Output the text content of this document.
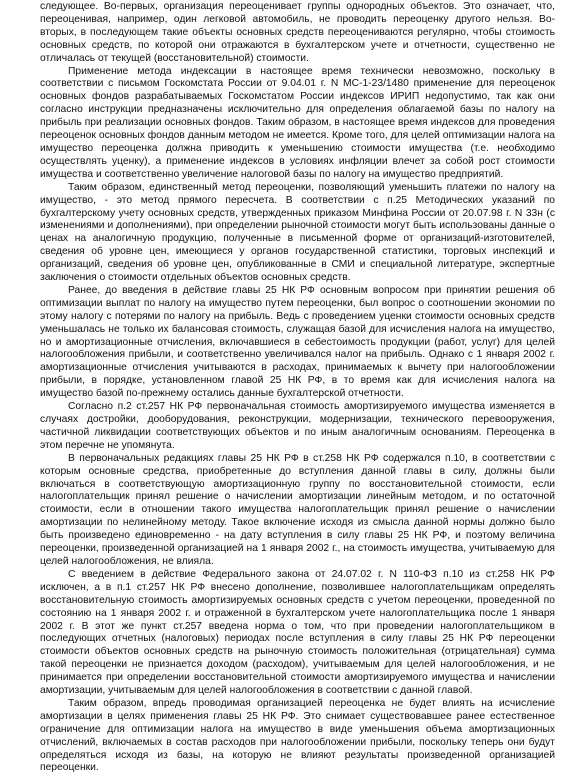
следующее. Во-первых, организация переоценивает группы однородных объектов. Это означает, что, переоценивая, например, один легковой автомобиль, не проводить переоценку другого нельзя. Во-вторых, в последующем такие объекты основных средств переоцениваются регулярно, чтобы стоимость основных средств, по которой они отражаются в бухгалтерском учете и отчетности, существенно не отличалась от текущей (восстановительной) стоимости.

Применение метода индексации в настоящее время технически невозможно, поскольку в соответствии с письмом Госкомстата России от 9.04.01 г. N МС-1-23/1480 применение для переоценок основных фондов разрабатываемых Госкомстатом России индексов ИРИП недопустимо, так как они согласно инструкции предназначены исключительно для определения облагаемой базы по налогу на прибыль при реализации основных фондов. Таким образом, в настоящее время индексов для проведения переоценок основных фондов данным методом не имеется. Кроме того, для целей оптимизации налога на имущество переоценка должна приводить к уменьшению стоимости имущества (т.е. необходимо осуществлять уценку), а применение индексов в условиях инфляции влечет за собой рост стоимости имущества и соответственно увеличение налоговой базы по налогу на имущество предприятий.

Таким образом, единственный метод переоценки, позволяющий уменьшить платежи по налогу на имущество, - это метод прямого пересчета. В соответствии с п.25 Методических указаний по бухгалтерскому учету основных средств, утвержденных приказом Минфина России от 20.07.98 г. N 33н (с изменениями и дополнениями), при определении рыночной стоимости могут быть использованы данные о ценах на аналогичную продукцию, полученные в письменной форме от организаций-изготовителей, сведения об уровне цен, имеющиеся у органов государственной статистики, торговых инспекций и организаций, сведения об уровне цен, опубликованные в СМИ и специальной литературе, экспертные заключения о стоимости отдельных объектов основных средств.

Ранее, до введения в действие главы 25 НК РФ основным вопросом при принятии решения об оптимизации выплат по налогу на имущество путем переоценки, был вопрос о соотношении экономии по этому налогу с потерями по налогу на прибыль. Ведь с проведением уценки стоимости основных средств уменьшалась не только их балансовая стоимость, служащая базой для исчисления налога на имущество, но и амортизационные отчисления, включавшиеся в себестоимость продукции (работ, услуг) для целей налогообложения прибыли, и соответственно увеличивался налог на прибыль. Однако с 1 января 2002 г. амортизационные отчисления учитываются в расходах, принимаемых к вычету при налогообложении прибыли, в порядке, установленном главой 25 НК РФ, в то время как для исчисления налога на имущество базой по-прежнему остались данные бухгалтерской отчетности.

Согласно п.2 ст.257 НК РФ первоначальная стоимость амортизируемого имущества изменяется в случаях достройки, дооборудования, реконструкции, модернизации, технического перевооружения, частичной ликвидации соответствующих объектов и по иным аналогичным основаниям. Переоценка в этом перечне не упомянута.

В первоначальных редакциях главы 25 НК РФ в ст.258 НК РФ содержался п.10, в соответствии с которым основные средства, приобретенные до вступления данной главы в силу, должны были включаться в соответствующую амортизационную группу по восстановительной стоимости, если налогоплательщик принял решение о начислении амортизации линейным методом, и по остаточной стоимости, если в отношении такого имущества налогоплательщик принял решение о начислении амортизации по нелинейному методу. Такое включение исходя из смысла данной нормы должно было быть произведено единовременно - на дату вступления в силу главы 25 НК РФ, и поэтому величина переоценки, произведенной организацией на 1 января 2002 г., на стоимость имущества, учитываемую для целей налогообложения, не влияла.

С введением в действие Федерального закона от 24.07.02 г. N 110-ФЗ п.10 из ст.258 НК РФ исключен, а в п.1 ст.257 НК РФ внесено дополнение, позволившее налогоплательщикам определять восстановительную стоимость амортизируемых основных средств с учетом переоценки, проведенной по состоянию на 1 января 2002 г. и отраженной в бухгалтерском учете налогоплательщика после 1 января 2002 г. В этот же пункт ст.257 введена норма о том, что при проведении налогоплательщиком в последующих отчетных (налоговых) периодах после вступления в силу главы 25 НК РФ переоценки стоимости объектов основных средств на рыночную стоимость положительная (отрицательная) сумма такой переоценки не признается доходом (расходом), учитываемым для целей налогообложения, и не принимается при определении восстановительной стоимости амортизируемого имущества и начислении амортизации, учитываемым для целей налогообложения в соответствии с данной главой.

Таким образом, впредь проводимая организацией переоценка не будет влиять на исчисление амортизации в целях применения главы 25 НК РФ. Это снимает существовавшее ранее естественное ограничение для оптимизации налога на имущество в виде уменьшения объема амортизационных отчислений, включаемых в состав расходов при налогообложении прибыли, поскольку теперь они будут определяться исходя из базы, на которую не влияют результаты произведенной организацией переоценки.
